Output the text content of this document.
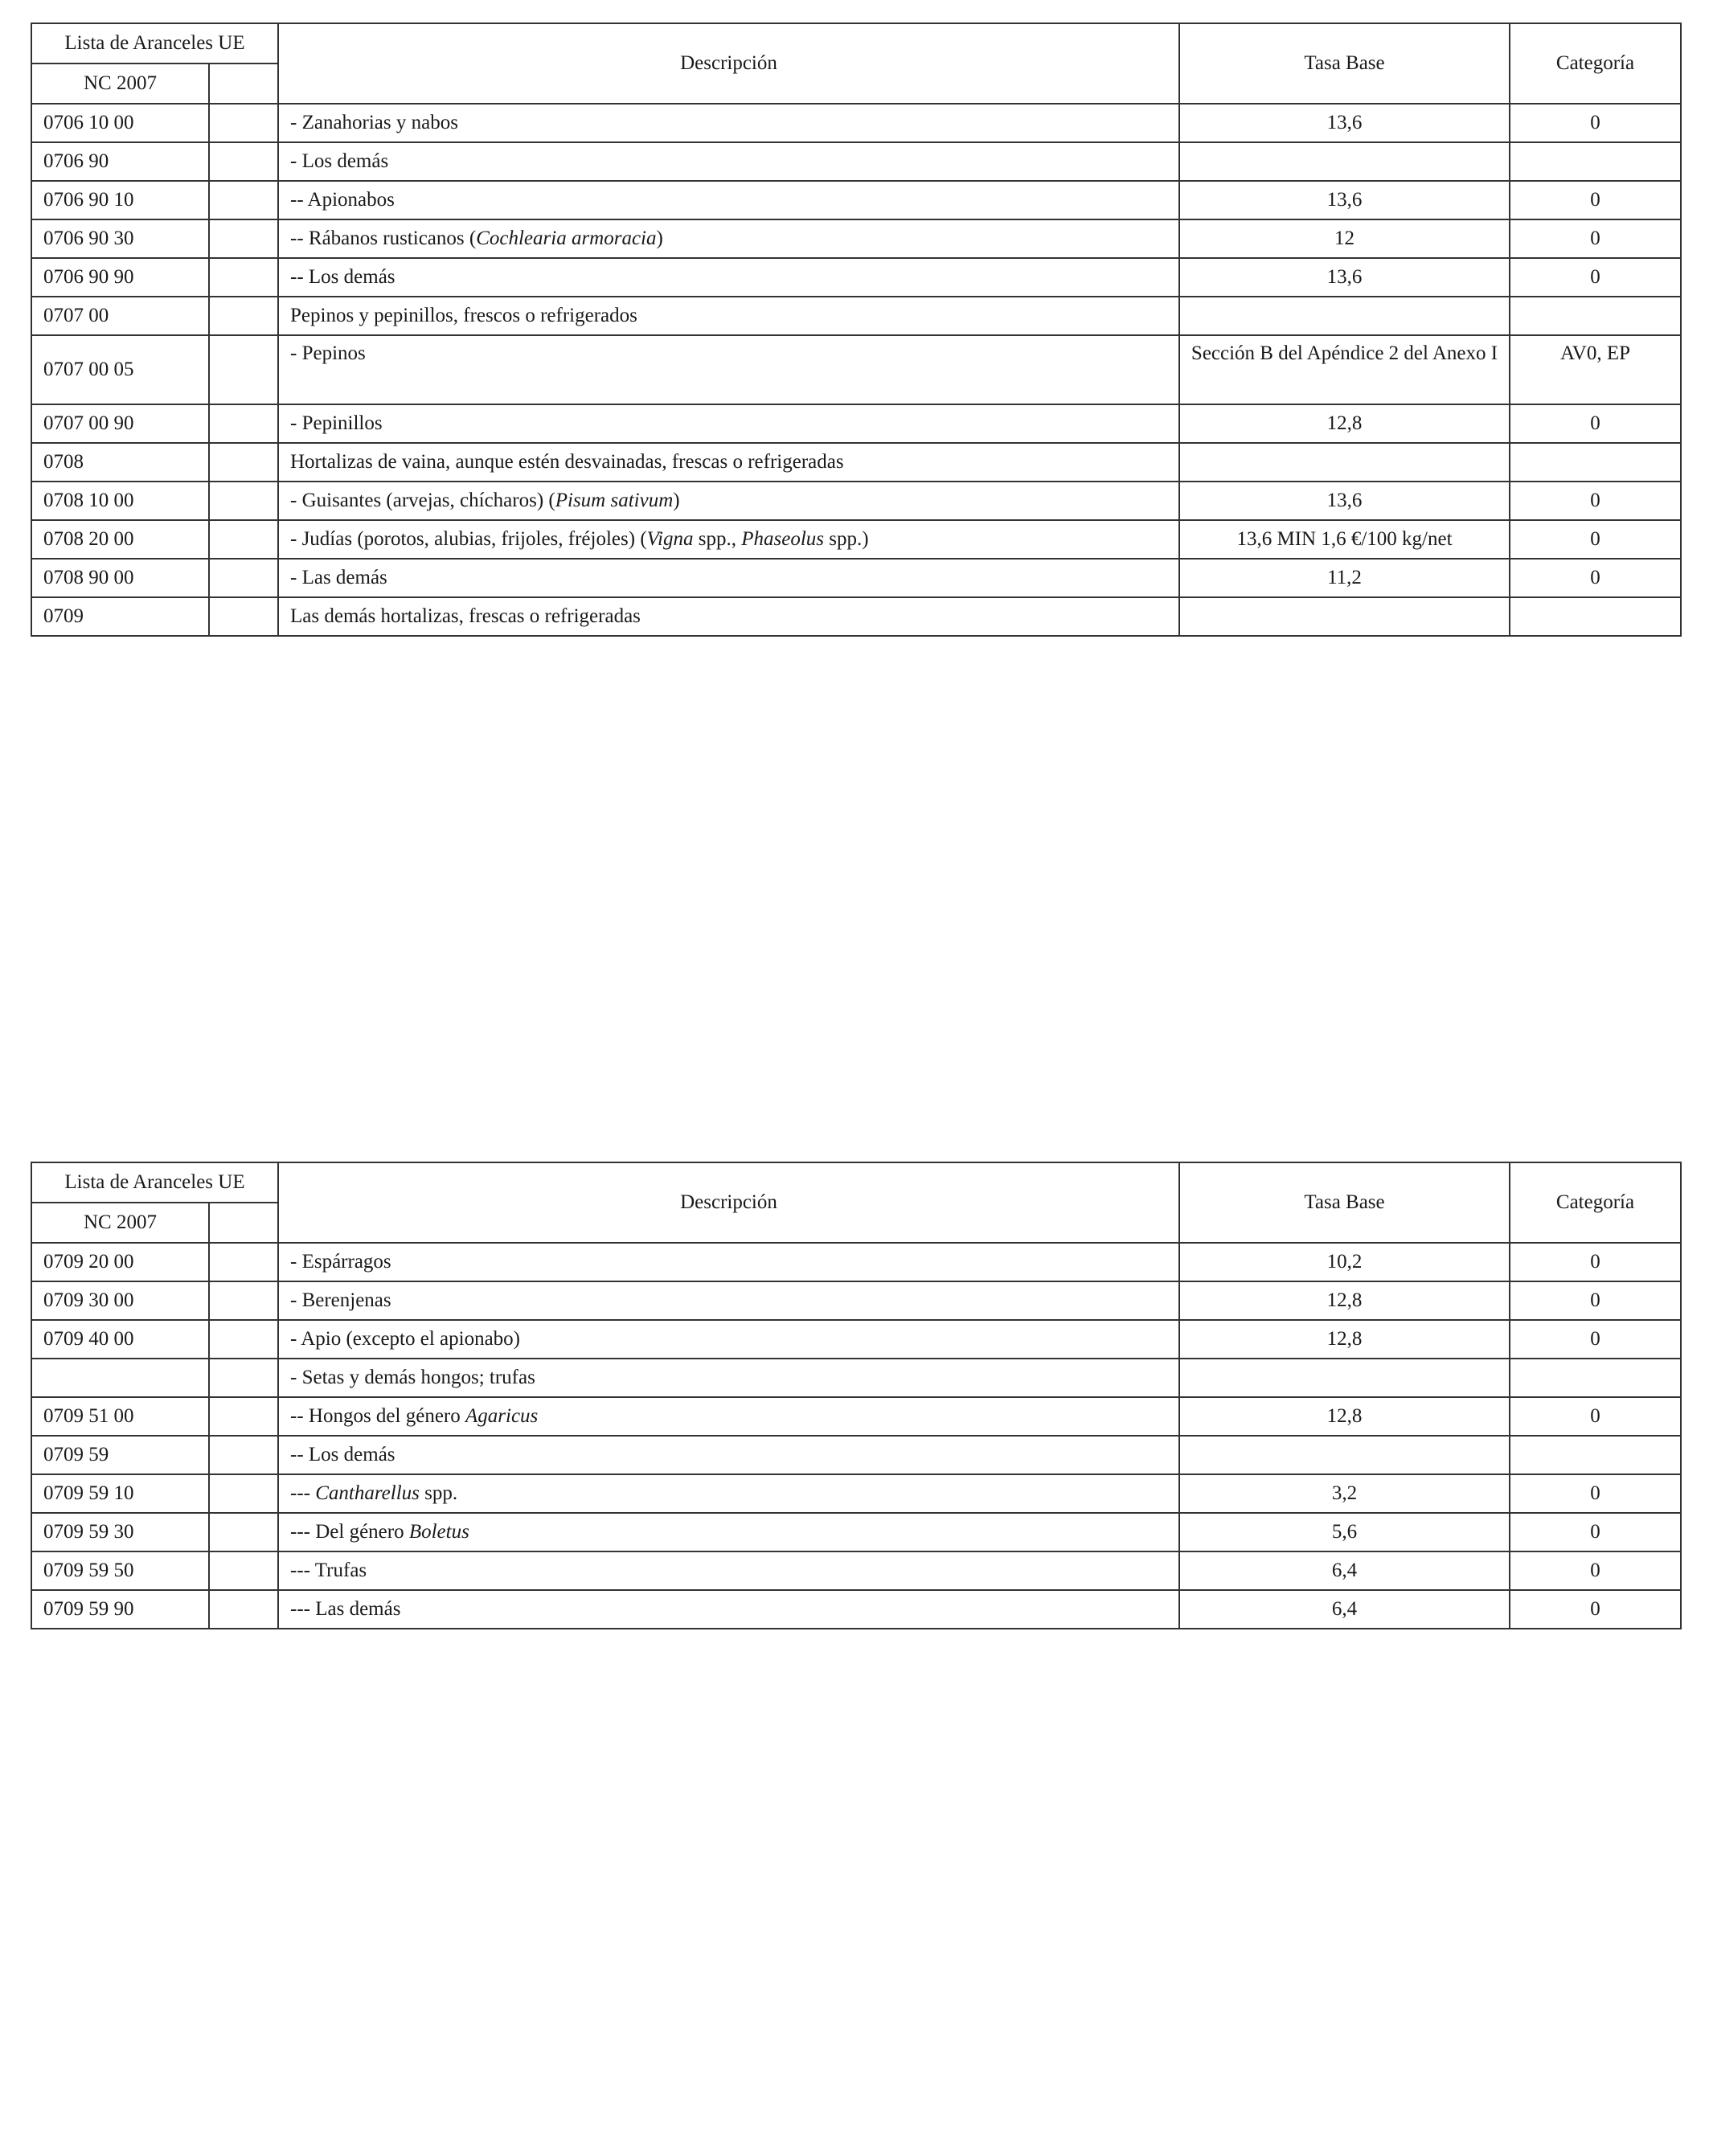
Lista de Aranceles UE		Descripción	Tasa Base	Categoría
NC 2007				
0706 10 00		- Zanahorias y nabos	13,6	0
0706 90		- Los demás		
0706 90 10		-- Apionabos	13,6	0
0706 90 30		-- Rábanos rusticanos (Cochlearia armoracia)	12	0
0706 90 90		-- Los demás	13,6	0
0707 00		Pepinos y pepinillos, frescos o refrigerados		
0707 00 05		- Pepinos	Sección B del Apéndice 2 del Anexo I	AV0, EP
0707 00 90		- Pepinillos	12,8	0
0708		Hortalizas de vaina, aunque estén desvainadas, frescas o refrigeradas		
0708 10 00		- Guisantes (arvejas, chícharos) (Pisum sativum)	13,6	0
0708 20 00		- Judías (porotos, alubias, frijoles, fréjoles) (Vigna spp., Phaseolus spp.)	13,6 MIN 1,6 €/100 kg/net	0
0708 90 00		- Las demás	11,2	0
0709		Las demás hortalizas, frescas o refrigeradas		
Lista de Aranceles UE		Descripción	Tasa Base	Categoría
NC 2007				
0709 20 00		- Espárragos	10,2	0
0709 30 00		- Berenjenas	12,8	0
0709 40 00		- Apio (excepto el apionabo)	12,8	0
		- Setas y demás hongos; trufas		
0709 51 00		-- Hongos del género Agaricus	12,8	0
0709 59		-- Los demás		
0709 59 10		--- Cantharellus spp.	3,2	0
0709 59 30		--- Del género Boletus	5,6	0
0709 59 50		--- Trufas	6,4	0
0709 59 90		--- Las demás	6,4	0
